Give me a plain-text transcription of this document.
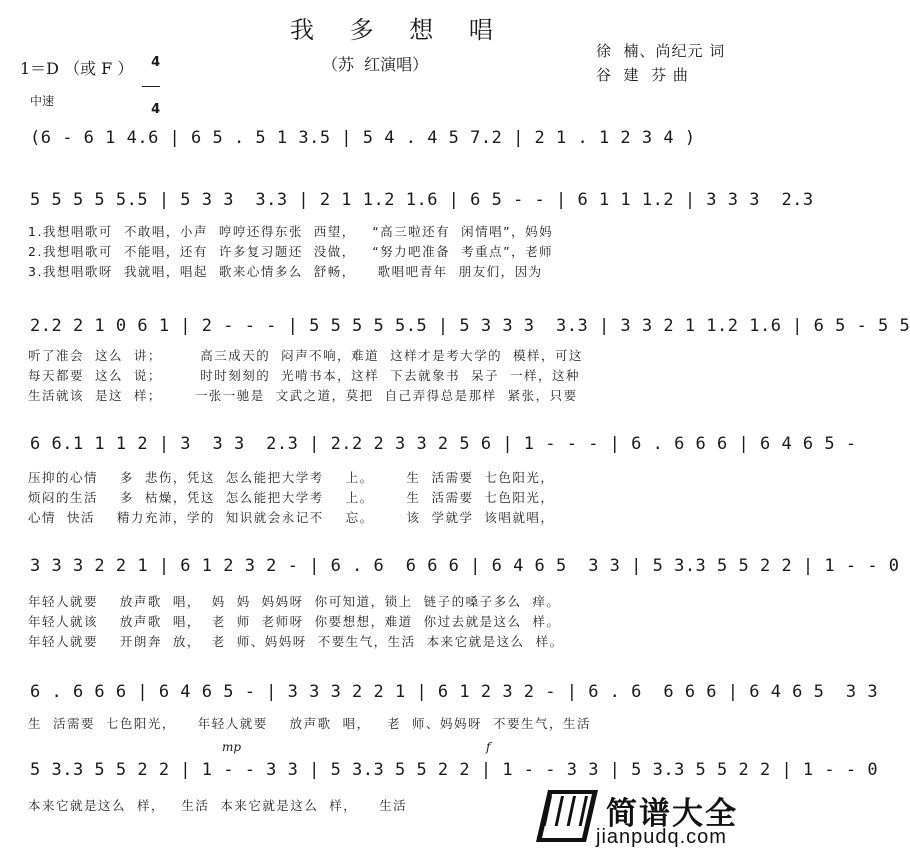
我 多 想 唱
1＝D （或 F ）	4

4

（苏  红演唱）
徐  楠、尚纪元 词
谷  建  芬 曲
中速
(6 - 6 1 4.6 | 6 5 . 5 1 3.5 | 5 4 . 4 5 7.2 | 2 1 . 1 2 3 4 )
5 5 5 5 5.5 | 5 3 3  3.3 | 2 1 1.2 1.6 | 6 5 - - | 6 1 1 1.2 | 3 3 3  2.3
1.我想唱歌可  不敢唱，小声  哼哼还得东张  西望，   “高三啦还有  闲情唱”，妈妈
2.我想唱歌可  不能唱，还有  许多复习题还  没做，   “努力吧准备  考重点”，老师
3.我想唱歌呀  我就唱，唱起  歌来心情多么  舒畅，    歌唱吧青年  朋友们，因为
2.2 2 1 0 6 1 | 2 - - - | 5 5 5 5 5.5 | 5 3 3 3  3.3 | 3 3 2 1 1.2 1.6 | 6 5 - 5 5
听了准会  这么  讲；       高三成天的  闷声不响，难道  这样才是考大学的  模样，可这
每天都要  这么  说；       时时刻刻的  光啃书本，这样  下去就象书  呆子  一样，这种
生活就该  是这  样；      一张一驰是  文武之道，莫把  自己弄得总是那样  紧张，只要
6 6.1 1 1 2 | 3  3 3  2.3 | 2.2 2 3 3 2 5 6 | 1 - - - | 6 . 6 6 6 | 6 4 6 5 -
压抑的心情    多  悲伤，凭这  怎么能把大学考    上。      生  活需要  七色阳光，
烦闷的生活    多  枯燥，凭这  怎么能把大学考    上。      生  活需要  七色阳光，
心情  快活    精力充沛，学的  知识就会永记不    忘。      该  学就学  该唱就唱，
3 3 3 2 2 1 | 6 1 2 3 2 - | 6 . 6  6 6 6 | 6 4 6 5  3 3 | 5 3.3 5 5 2 2 | 1 - - 0
年轻人就要    放声歌  唱，  妈  妈  妈妈呀  你可知道，锁上  链子的嗓子多么  痒。
年轻人就该    放声歌  唱，  老  师  老师呀  你要想想，难道  你过去就是这么  样。
年轻人就要    开朗奔  放，  老  师、妈妈呀  不要生气，生活  本来它就是这么  样。
6 . 6 6 6 | 6 4 6 5 - | 3 3 3 2 2 1 | 6 1 2 3 2 - | 6 . 6  6 6 6 | 6 4 6 5  3 3
生  活需要  七色阳光，    年轻人就要    放声歌  唱，   老  师、妈妈呀  不要生气，生活
mp	f
5 3.3 5 5 2 2 | 1 - - 3 3 | 5 3.3 5 5 2 2 | 1 - - 3 3 | 5 3.3 5 5 2 2 | 1 - - 0
本来它就是这么  样，   生活  本来它就是这么  样，    生活	简谱大全
jianpudq.com
